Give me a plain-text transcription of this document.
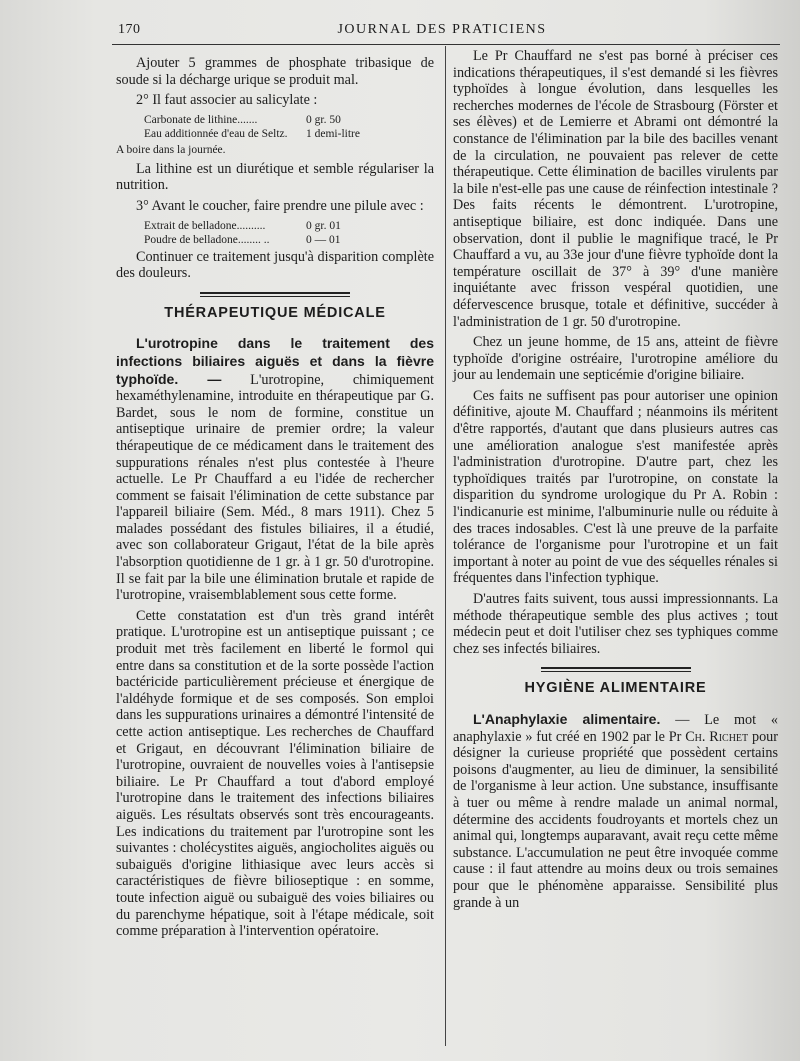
170	JOURNAL DES PRATICIENS

Ajouter 5 grammes de phosphate tribasique de soude si la décharge urique se produit mal.

2° Il faut associer au salicylate :

Carbonate de lithine.......	0 gr. 50
Eau additionnée d'eau de Seltz.	1 demi-litre
A boire dans la journée.

La lithine est un diurétique et semble régulariser la nutrition.

3° Avant le coucher, faire prendre une pilule avec :

Extrait de belladone..........	0 gr. 01
Poudre de belladone........ ..	0 — 01

Continuer ce traitement jusqu'à disparition complète des douleurs.

THÉRAPEUTIQUE MÉDICALE

L'urotropine dans le traitement des infections biliaires aiguës et dans la fièvre typhoïde. — L'urotropine, chimiquement hexaméthylenamine, introduite en thérapeutique par G. Bardet, sous le nom de formine, constitue un antiseptique urinaire de premier ordre; la valeur thérapeutique de ce médicament dans le traitement des suppurations rénales n'est plus contestée à l'heure actuelle. Le Pr Chauffard a eu l'idée de rechercher comment se faisait l'élimination de cette substance par l'appareil biliaire (Sem. Méd., 8 mars 1911). Chez 5 malades possédant des fistules biliaires, il a étudié, avec son collaborateur Grigaut, l'état de la bile après l'absorption quotidienne de 1 gr. à 1 gr. 50 d'urotropine. Il se fait par la bile une élimination brutale et rapide de l'urotropine, vraisemblablement sous cette forme.

Cette constatation est d'un très grand intérêt pratique. L'urotropine est un antiseptique puissant ; ce produit met très facilement en liberté le formol qui entre dans sa constitution et de la sorte possède l'action bactéricide particulièrement précieuse et énergique de l'aldéhyde formique et de ses composés. Son emploi dans les suppurations urinaires a démontré l'intensité de cette action antiseptique. Les recherches de Chauffard et Grigaut, en découvrant l'élimination biliaire de l'urotropine, ouvraient de nouvelles voies à l'antisepsie biliaire. Le Pr Chauffard a tout d'abord employé l'urotropine dans le traitement des infections biliaires aiguës. Les résultats observés sont très encourageants. Les indications du traitement par l'urotropine sont les suivantes : cholécystites aiguës, angiocholites aiguës ou subaiguës d'origine lithiasique avec leurs accès si caractéristiques de fièvre bilioseptique : en somme, toute infection aiguë ou subaiguë des voies biliaires ou du parenchyme hépatique, soit à l'étape médicale, soit comme préparation à l'intervention opératoire.

Le Pr Chauffard ne s'est pas borné à préciser ces indications thérapeutiques, il s'est demandé si les fièvres typhoïdes à longue évolution, dans lesquelles les recherches modernes de l'école de Strasbourg (Förster et ses élèves) et de Lemierre et Abrami ont démontré la constance de l'élimination par la bile des bacilles venant de la circulation, ne pouvaient pas relever de cette thérapeutique. Cette élimination de bacilles virulents par la bile n'est-elle pas une cause de réinfection intestinale ? Des faits récents le démontrent. L'urotropine, antiseptique biliaire, est donc indiquée. Dans une observation, dont il publie le magnifique tracé, le Pr Chauffard a vu, au 33e jour d'une fièvre typhoïde dont la température oscillait de 37° à 39° d'une manière inquiétante avec frisson vespéral quotidien, une défervescence brusque, totale et définitive, succéder à l'administration de 1 gr. 50 d'urotropine.

Chez un jeune homme, de 15 ans, atteint de fièvre typhoïde d'origine ostréaire, l'urotropine améliore du jour au lendemain une septicémie d'origine biliaire.

Ces faits ne suffisent pas pour autoriser une opinion définitive, ajoute M. Chauffard ; néanmoins ils méritent d'être rapportés, d'autant que dans plusieurs autres cas une amélioration analogue s'est manifestée après l'administration d'urotropine. D'autre part, chez les typhoïdiques traités par l'urotropine, on constate la disparition du syndrome urologique du Pr A. Robin : l'indicanurie est minime, l'albuminurie nulle ou réduite à des traces indosables. C'est là une preuve de la parfaite tolérance de l'organisme pour l'urotropine et un fait important à noter au point de vue des séquelles rénales si fréquentes dans l'infection typhique.

D'autres faits suivent, tous aussi impressionnants. La méthode thérapeutique semble des plus actives ; tout médecin peut et doit l'utiliser chez ses typhiques comme chez ses infectés biliaires.

HYGIÈNE ALIMENTAIRE

L'Anaphylaxie alimentaire. — Le mot « anaphylaxie » fut créé en 1902 par le Pr Ch. Richet pour désigner la curieuse propriété que possèdent certains poisons d'augmenter, au lieu de diminuer, la sensibilité de l'organisme à leur action. Une substance, insuffisante à tuer ou même à rendre malade un animal normal, détermine des accidents foudroyants et mortels chez un animal qui, longtemps auparavant, avait reçu cette même substance. L'accumulation ne peut être invoquée comme cause : il faut attendre au moins deux ou trois semaines pour que le phénomène apparaisse. Sensibilité plus grande à un
